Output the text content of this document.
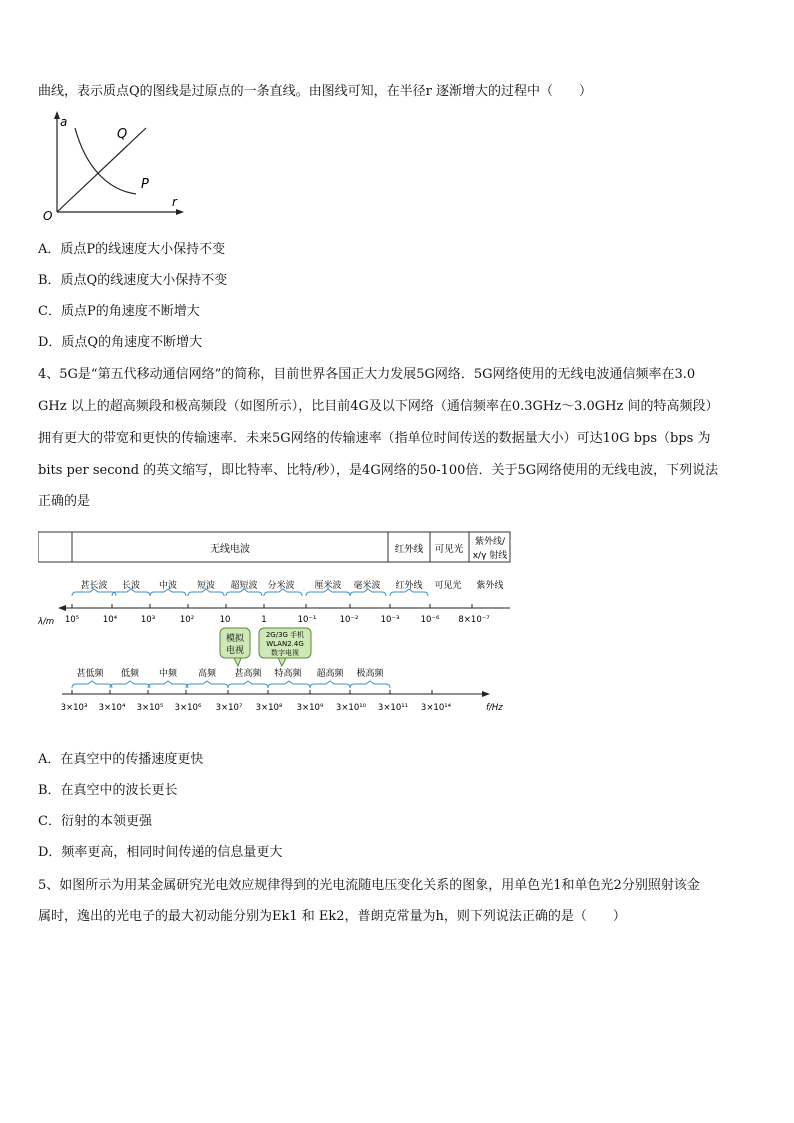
曲线，表示质点Q的图线是过原点的一条直线。由图线可知，在半径r 逐渐增大的过程中（　　）
a
Q
P
r
O
A．质点P的线速度大小保持不变
B．质点Q的线速度大小保持不变
C．质点P的角速度不断增大
D．质点Q的角速度不断增大
4、5G是“第五代移动通信网络”的简称，目前世界各国正大力发展5G网络．5G网络使用的无线电波通信频率在3.0
GHz 以上的超高频段和极高频段（如图所示），比目前4G及以下网络（通信频率在0.3GHz～3.0GHz 间的特高频段）
拥有更大的带宽和更快的传输速率．未来5G网络的传输速率（指单位时间传送的数据量大小）可达10G bps（bps 为
bits per second 的英文缩写，即比特率、比特/秒），是4G网络的50-100倍．关于5G网络使用的无线电波，下列说法
正确的是
无线电波	红外线 可见光
紫外线/
x/γ 射线
甚长波 长波 中波 短波 超短波 分米波 厘米波 毫米波 红外线 可见光 紫外线
λ/m 10⁵	10⁴	10³	10²	10	1	10⁻¹	10⁻²	10⁻³	10⁻⁶ 8×10⁻⁷
模拟
电视
2G/3G 手机
WLAN2.4G
数字电视
甚低频 低频 中频 高频 甚高频 特高频 超高频 极高频
3×10³ 3×10⁴ 3×10⁵ 3×10⁶ 3×10⁷ 3×10⁸ 3×10⁹ 3×10¹⁰ 3×10¹¹ 3×10¹⁴	f/Hz
A．在真空中的传播速度更快
B．在真空中的波长更长
C．衍射的本领更强
D．频率更高，相同时间传递的信息量更大
5、如图所示为用某金属研究光电效应规律得到的光电流随电压变化关系的图象，用单色光1和单色光2分别照射该金
属时，逸出的光电子的最大初动能分别为Ek1 和 Ek2，普朗克常量为h，则下列说法正确的是（　　）
